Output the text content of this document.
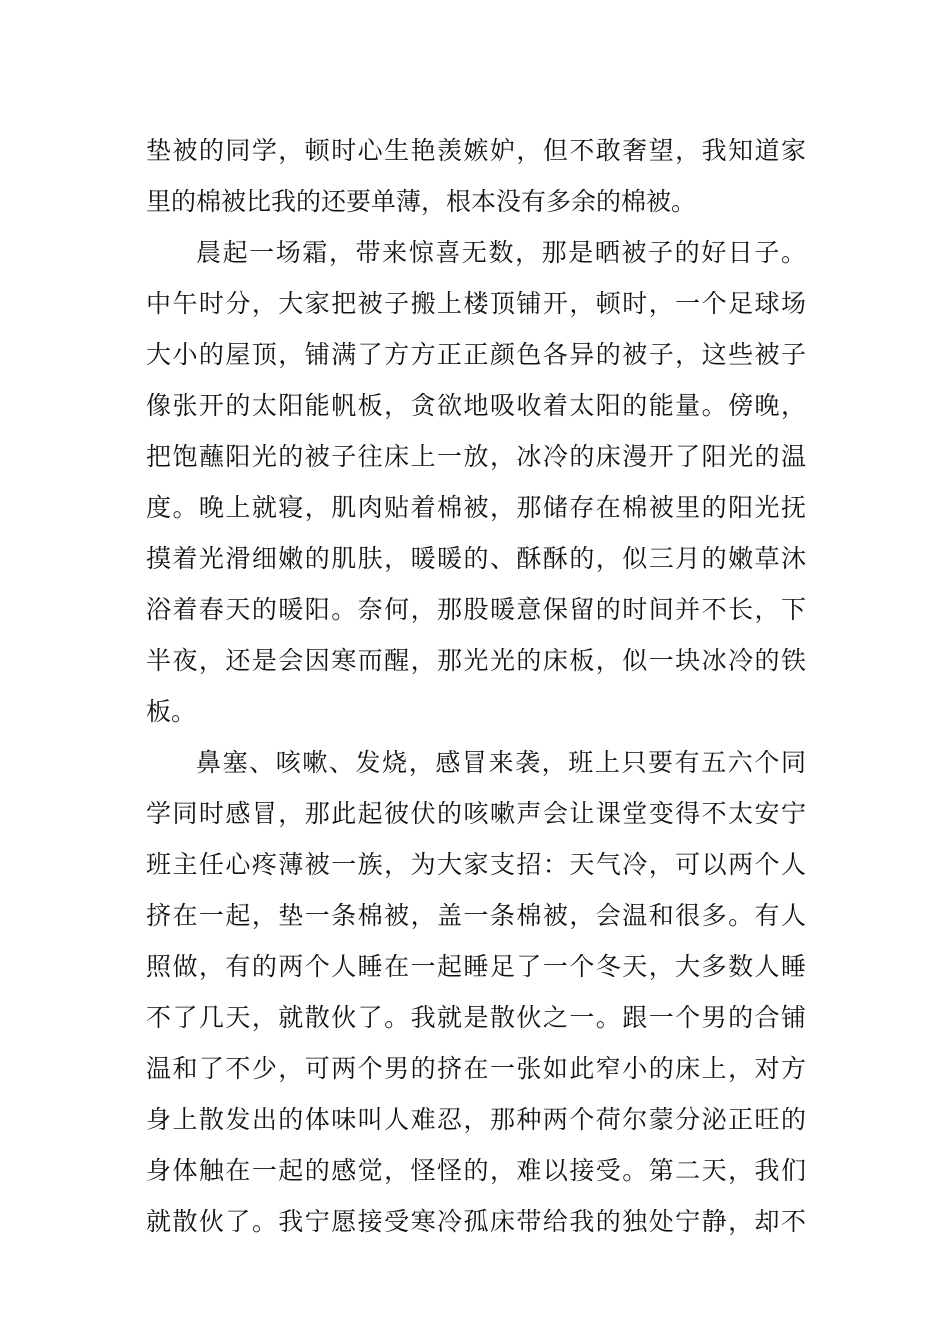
垫被的同学，顿时心生艳羡嫉妒，但不敢奢望，我知道家
里的棉被比我的还要单薄，根本没有多余的棉被。
晨起一场霜，带来惊喜无数，那是晒被子的好日子。
中午时分，大家把被子搬上楼顶铺开，顿时，一个足球场
大小的屋顶，铺满了方方正正颜色各异的被子，这些被子
像张开的太阳能帆板，贪欲地吸收着太阳的能量。傍晚，
把饱蘸阳光的被子往床上一放，冰冷的床漫开了阳光的温
度。晚上就寝，肌肉贴着棉被，那储存在棉被里的阳光抚
摸着光滑细嫩的肌肤，暖暖的、酥酥的，似三月的嫩草沐
浴着春天的暖阳。奈何，那股暖意保留的时间并不长，下
半夜，还是会因寒而醒，那光光的床板，似一块冰冷的铁
板。
鼻塞、咳嗽、发烧，感冒来袭，班上只要有五六个同
学同时感冒，那此起彼伏的咳嗽声会让课堂变得不太安宁
班主任心疼薄被一族，为大家支招：天气冷，可以两个人
挤在一起，垫一条棉被，盖一条棉被，会温和很多。有人
照做，有的两个人睡在一起睡足了一个冬天，大多数人睡
不了几天，就散伙了。我就是散伙之一。跟一个男的合铺
温和了不少，可两个男的挤在一张如此窄小的床上，对方
身上散发出的体味叫人难忍，那种两个荷尔蒙分泌正旺的
身体触在一起的感觉，怪怪的，难以接受。第二天，我们
就散伙了。我宁愿接受寒冷孤床带给我的独处宁静，却不
